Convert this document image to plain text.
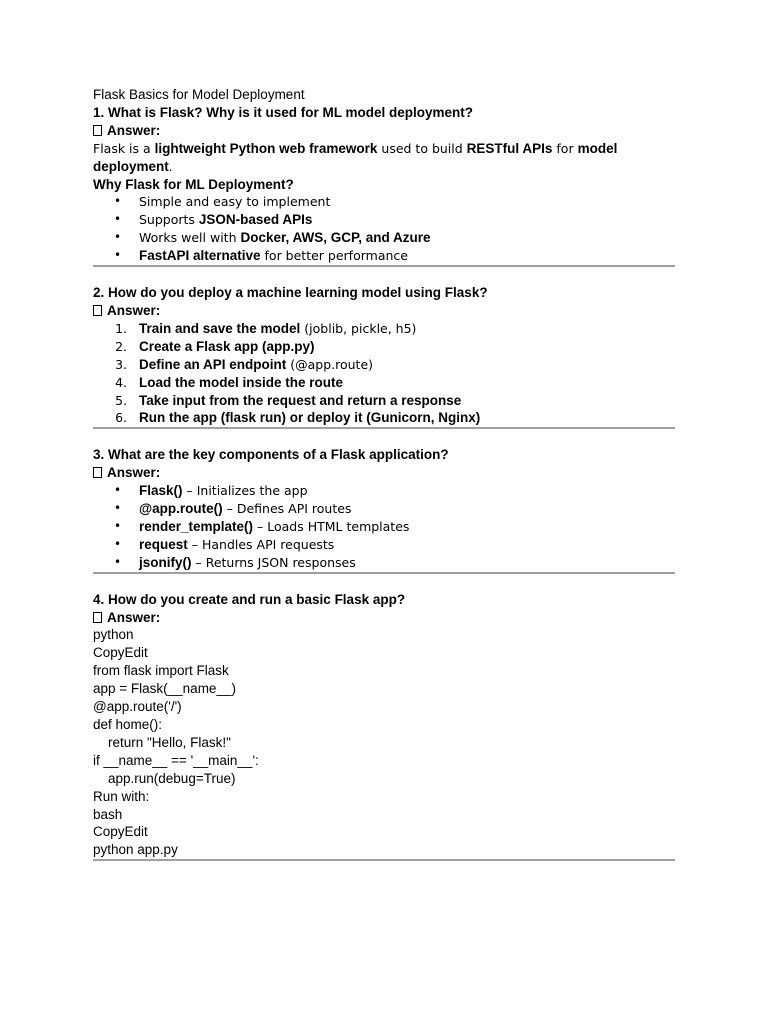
Flask Basics for Model Deployment
1. What is Flask? Why is it used for ML model deployment?
Answer:
Flask is a lightweight Python web framework used to build RESTful APIs for model
deployment.
Why Flask for ML Deployment?
• Simple and easy to implement
• Supports JSON-based APIs
• Works well with Docker, AWS, GCP, and Azure
• FastAPI alternative for better performance
2. How do you deploy a machine learning model using Flask?
Answer:
1. Train and save the model (joblib, pickle, h5)
2. Create a Flask app (app.py)
3. Define an API endpoint (@app.route)
4. Load the model inside the route
5. Take input from the request and return a response
6. Run the app (flask run) or deploy it (Gunicorn, Nginx)
3. What are the key components of a Flask application?
Answer:
• Flask() – Initializes the app
• @app.route() – Defines API routes
• render_template() – Loads HTML templates
• request – Handles API requests
• jsonify() – Returns JSON responses
4. How do you create and run a basic Flask app?
Answer:
python
CopyEdit
from flask import Flask
app = Flask(__name__)
@app.route('/')
def home():
return "Hello, Flask!"
if __name__ == '__main__':
app.run(debug=True)
Run with:
bash
CopyEdit
python app.py
